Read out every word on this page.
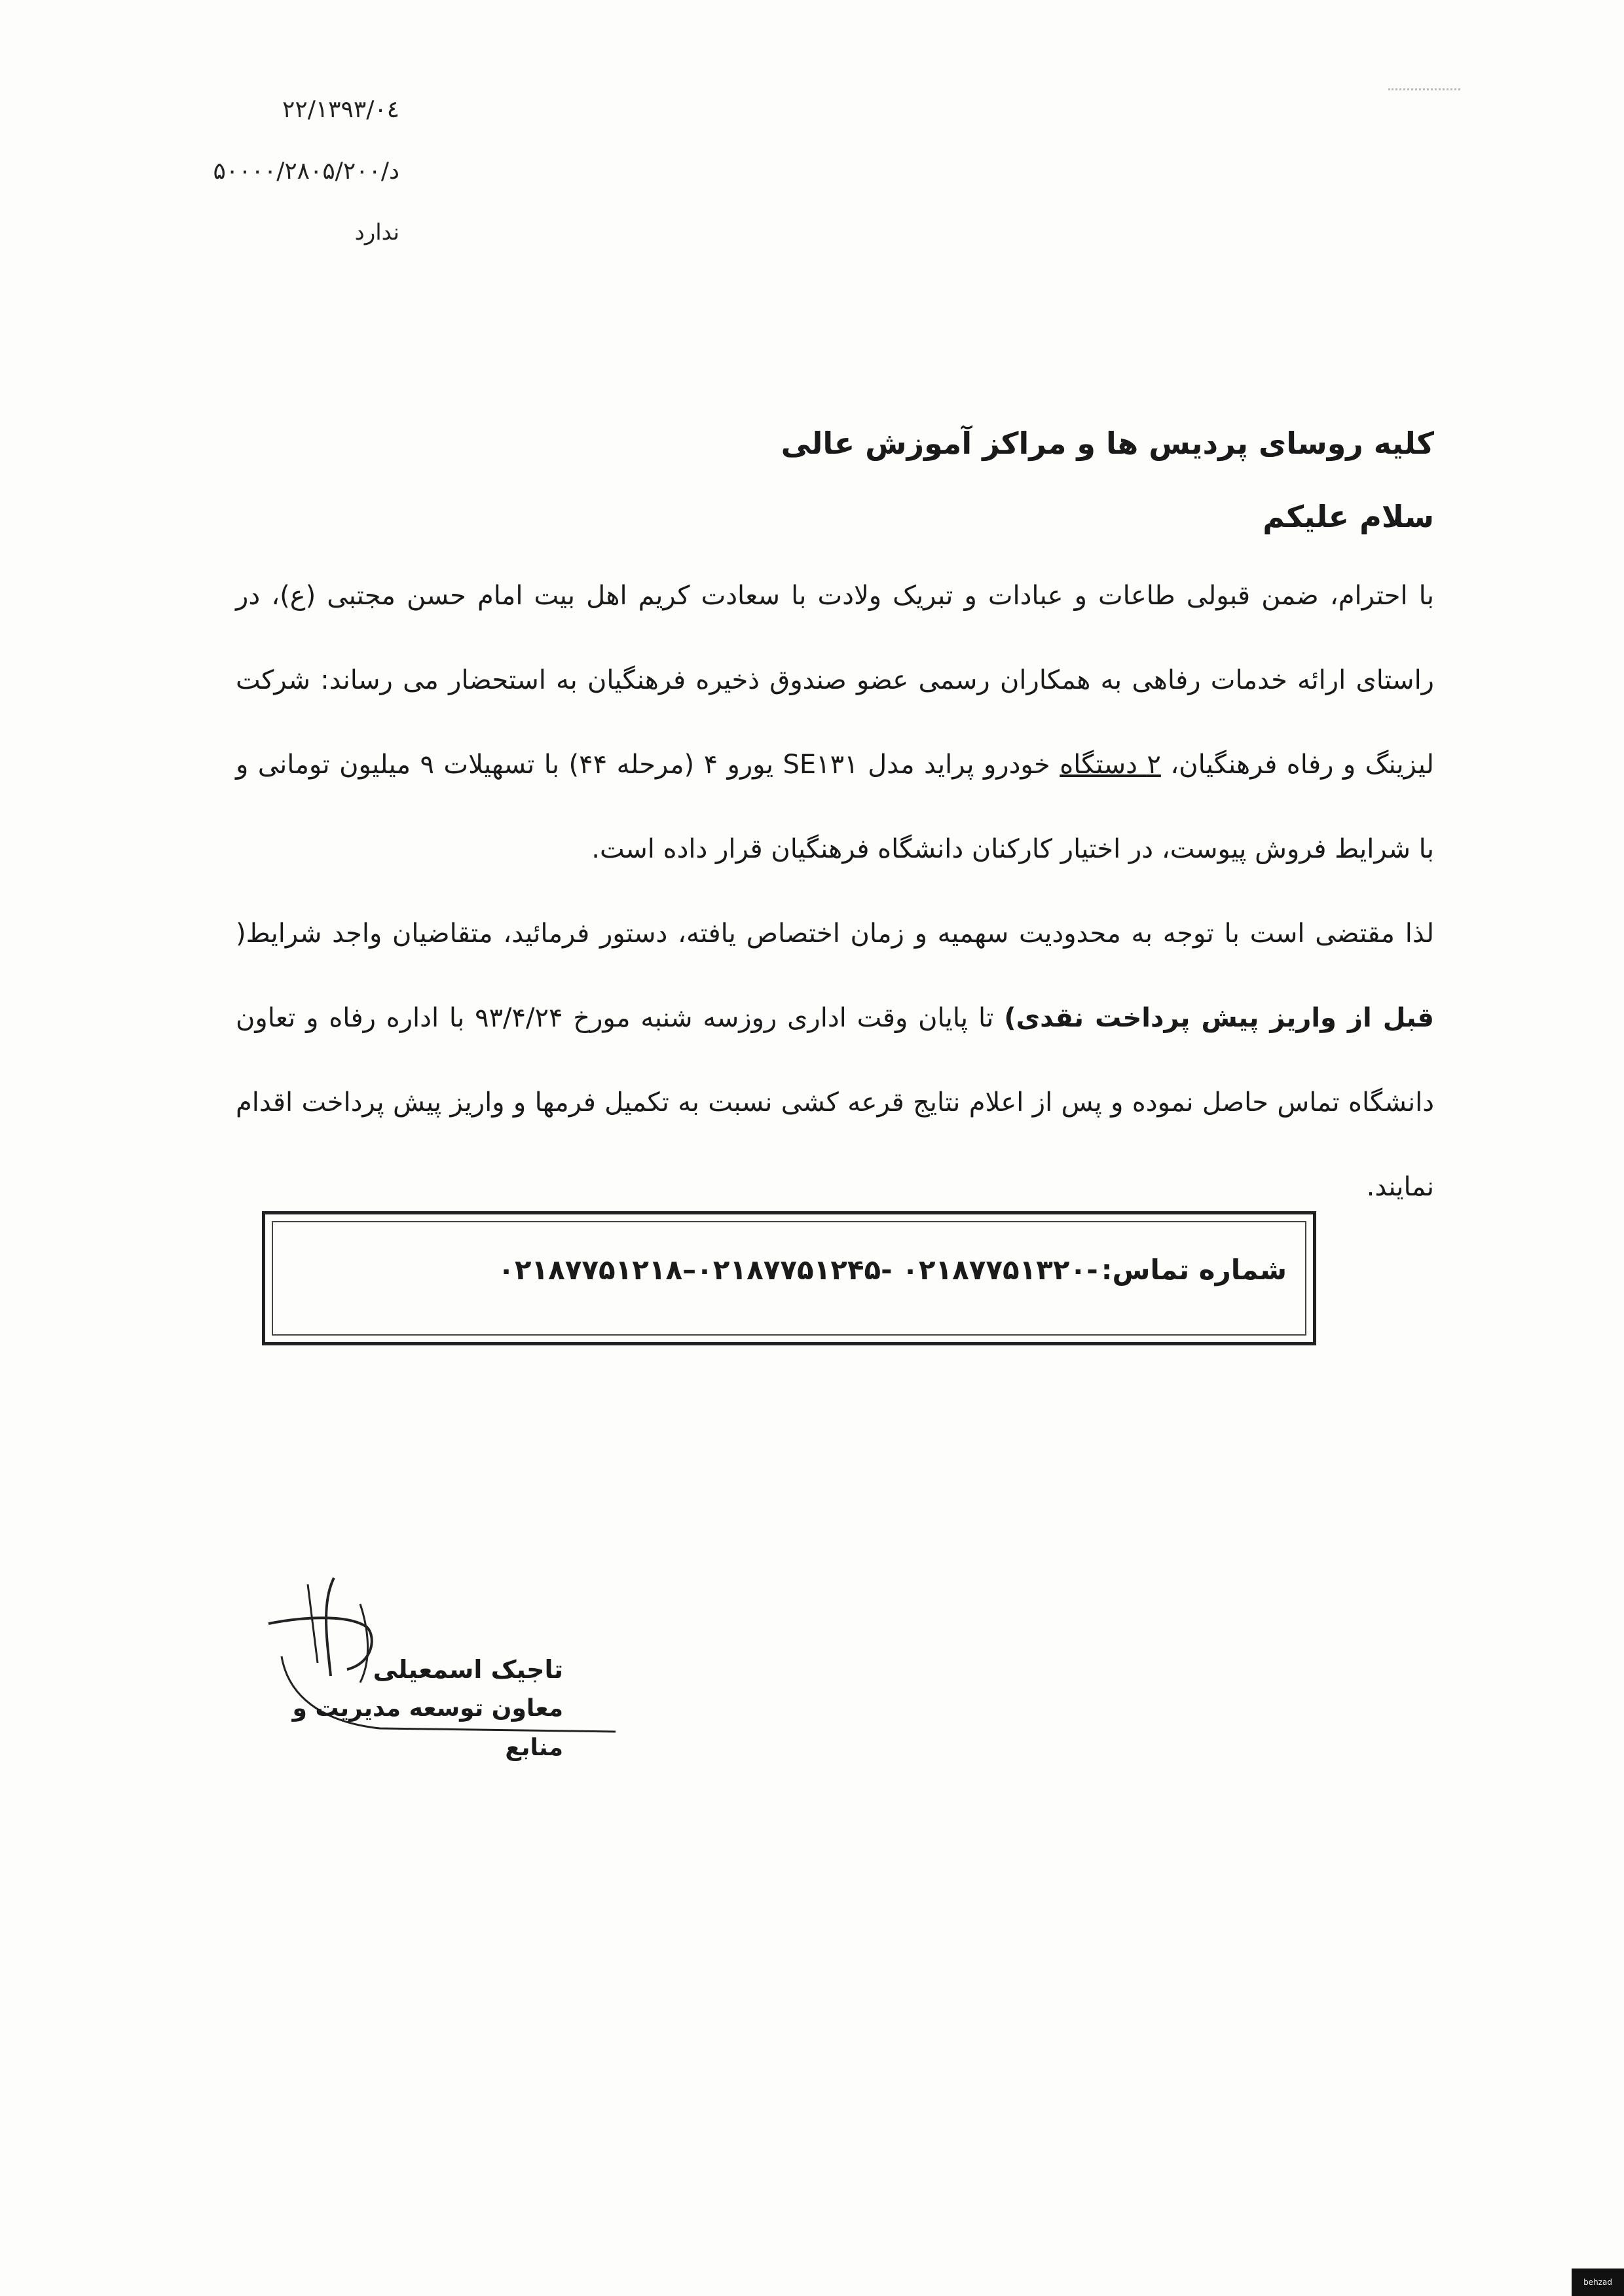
۱۳۹۳/۰٤/۲۲
د/۵۰۰۰۰/۲۸۰۵/۲۰۰
ندارد

کلیه روسای پردیس ها و مراکز آموزش عالی

سلام علیکم

با احترام، ضمن قبولی طاعات و عبادات و تبریک ولادت با سعادت کریم اهل بیت امام حسن مجتبی (ع)، در راستای ارائه خدمات رفاهی به همکاران رسمی عضو صندوق ذخیره فرهنگیان به استحضار می رساند: شرکت لیزینگ و رفاه فرهنگیان، ۲ دستگاه خودرو پراید مدل SE۱۳۱ یورو ۴ (مرحله ۴۴) با تسهیلات ۹ میلیون تومانی و با شرایط فروش پیوست، در اختیار کارکنان دانشگاه فرهنگیان قرار داده است.

لذا مقتضی است با توجه به محدودیت سهمیه و زمان اختصاص یافته، دستور فرمائید، متقاضیان واجد شرایط( قبل از واریز پیش پرداخت نقدی) تا پایان وقت اداری روزسه شنبه مورخ ۹۳/۴/۲۴ با اداره رفاه و تعاون دانشگاه تماس حاصل نموده و پس از اعلام نتایج قرعه کشی نسبت به تکمیل فرمها و واریز پیش پرداخت اقدام نمایند.

شماره تماس: ۰۲۱۸۷۷۵۱۲۱۸–۰۲۱۸۷۷۵۱۲۴۵- ۰۲۱۸۷۷۵۱۳۲۰-
تاجیک اسمعیلی
معاون توسعه مدیریت و منابع
behzad
